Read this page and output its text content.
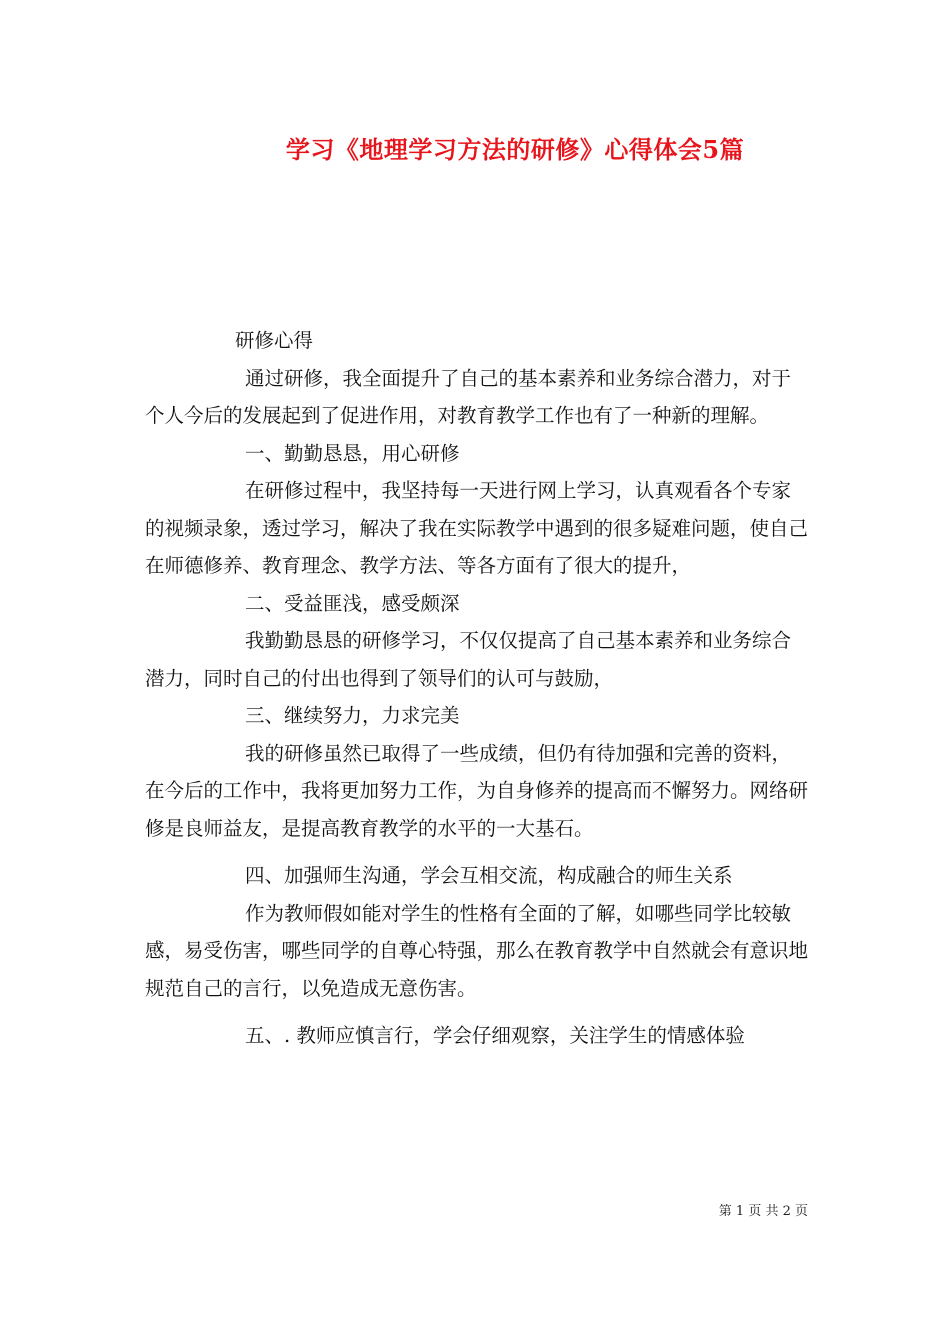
学习《地理学习方法的研修》心得体会5篇

研修心得

通过研修，我全面提升了自己的基本素养和业务综合潜力，对于个人今后的发展起到了促进作用，对教育教学工作也有了一种新的理解。

一、勤勤恳恳，用心研修

在研修过程中，我坚持每一天进行网上学习，认真观看各个专家的视频录象，透过学习，解决了我在实际教学中遇到的很多疑难问题，使自己在师德修养、教育理念、教学方法、等各方面有了很大的提升，

二、受益匪浅，感受颇深

我勤勤恳恳的研修学习，不仅仅提高了自己基本素养和业务综合潜力，同时自己的付出也得到了领导们的认可与鼓励，

三、继续努力，力求完美

我的研修虽然已取得了一些成绩，但仍有待加强和完善的资料，在今后的工作中，我将更加努力工作，为自身修养的提高而不懈努力。网络研修是良师益友，是提高教育教学的水平的一大基石。

四、加强师生沟通，学会互相交流，构成融合的师生关系

作为教师假如能对学生的性格有全面的了解，如哪些同学比较敏感，易受伤害，哪些同学的自尊心特强，那么在教育教学中自然就会有意识地规范自己的言行，以免造成无意伤害。

五、. 教师应慎言行，学会仔细观察，关注学生的情感体验

第 1 页 共 2 页
